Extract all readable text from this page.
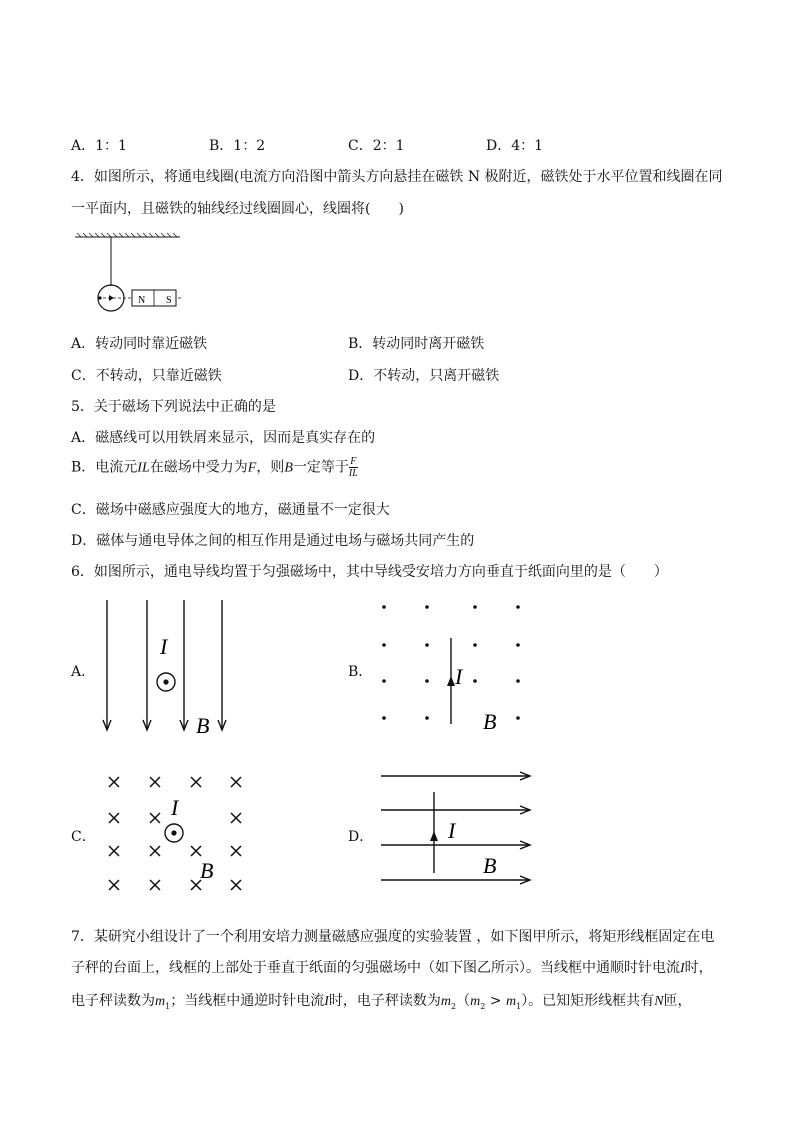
A．1：1	B．1：2	C．2：1	D．4：1
4．如图所示，将通电线圈(电流方向沿图中箭头方向悬挂在磁铁 N 极附近，磁铁处于水平位置和线圈在同
一平面内，且磁铁的轴线经过线圈圆心，线圈将(　　)
N S
A．转动同时靠近磁铁	B．转动同时离开磁铁
C．不转动，只靠近磁铁	D．不转动，只离开磁铁
5．关于磁场下列说法中正确的是
A．磁感线可以用铁屑来显示，因而是真实存在的
B．电流元IL在磁场中受力为F，则B一定等于 $\frac{F}{IL}$
C．磁场中磁感应强度大的地方，磁通量不一定很大
D．磁体与通电导体之间的相互作用是通过电场与磁场共同产生的
6．如图所示，通电导线均置于匀强磁场中，其中导线受安培力方向垂直于纸面向里的是（　　）
A．
I
B
B．	I
B
C．
I
B
D．	I
B
7．某研究小组设计了一个利用安培力测量磁感应强度的实验装置 ，如下图甲所示，将矩形线框固定在电
子秤的台面上，线框的上部处于垂直于纸面的匀强磁场中（如下图乙所示）。当线框中通顺时针电流I时，
电子秤读数为$m_1$；当线框中通逆时针电流I时，电子秤读数为$m_2(m_2 > m_1)$。已知矩形线框共有N匝，
